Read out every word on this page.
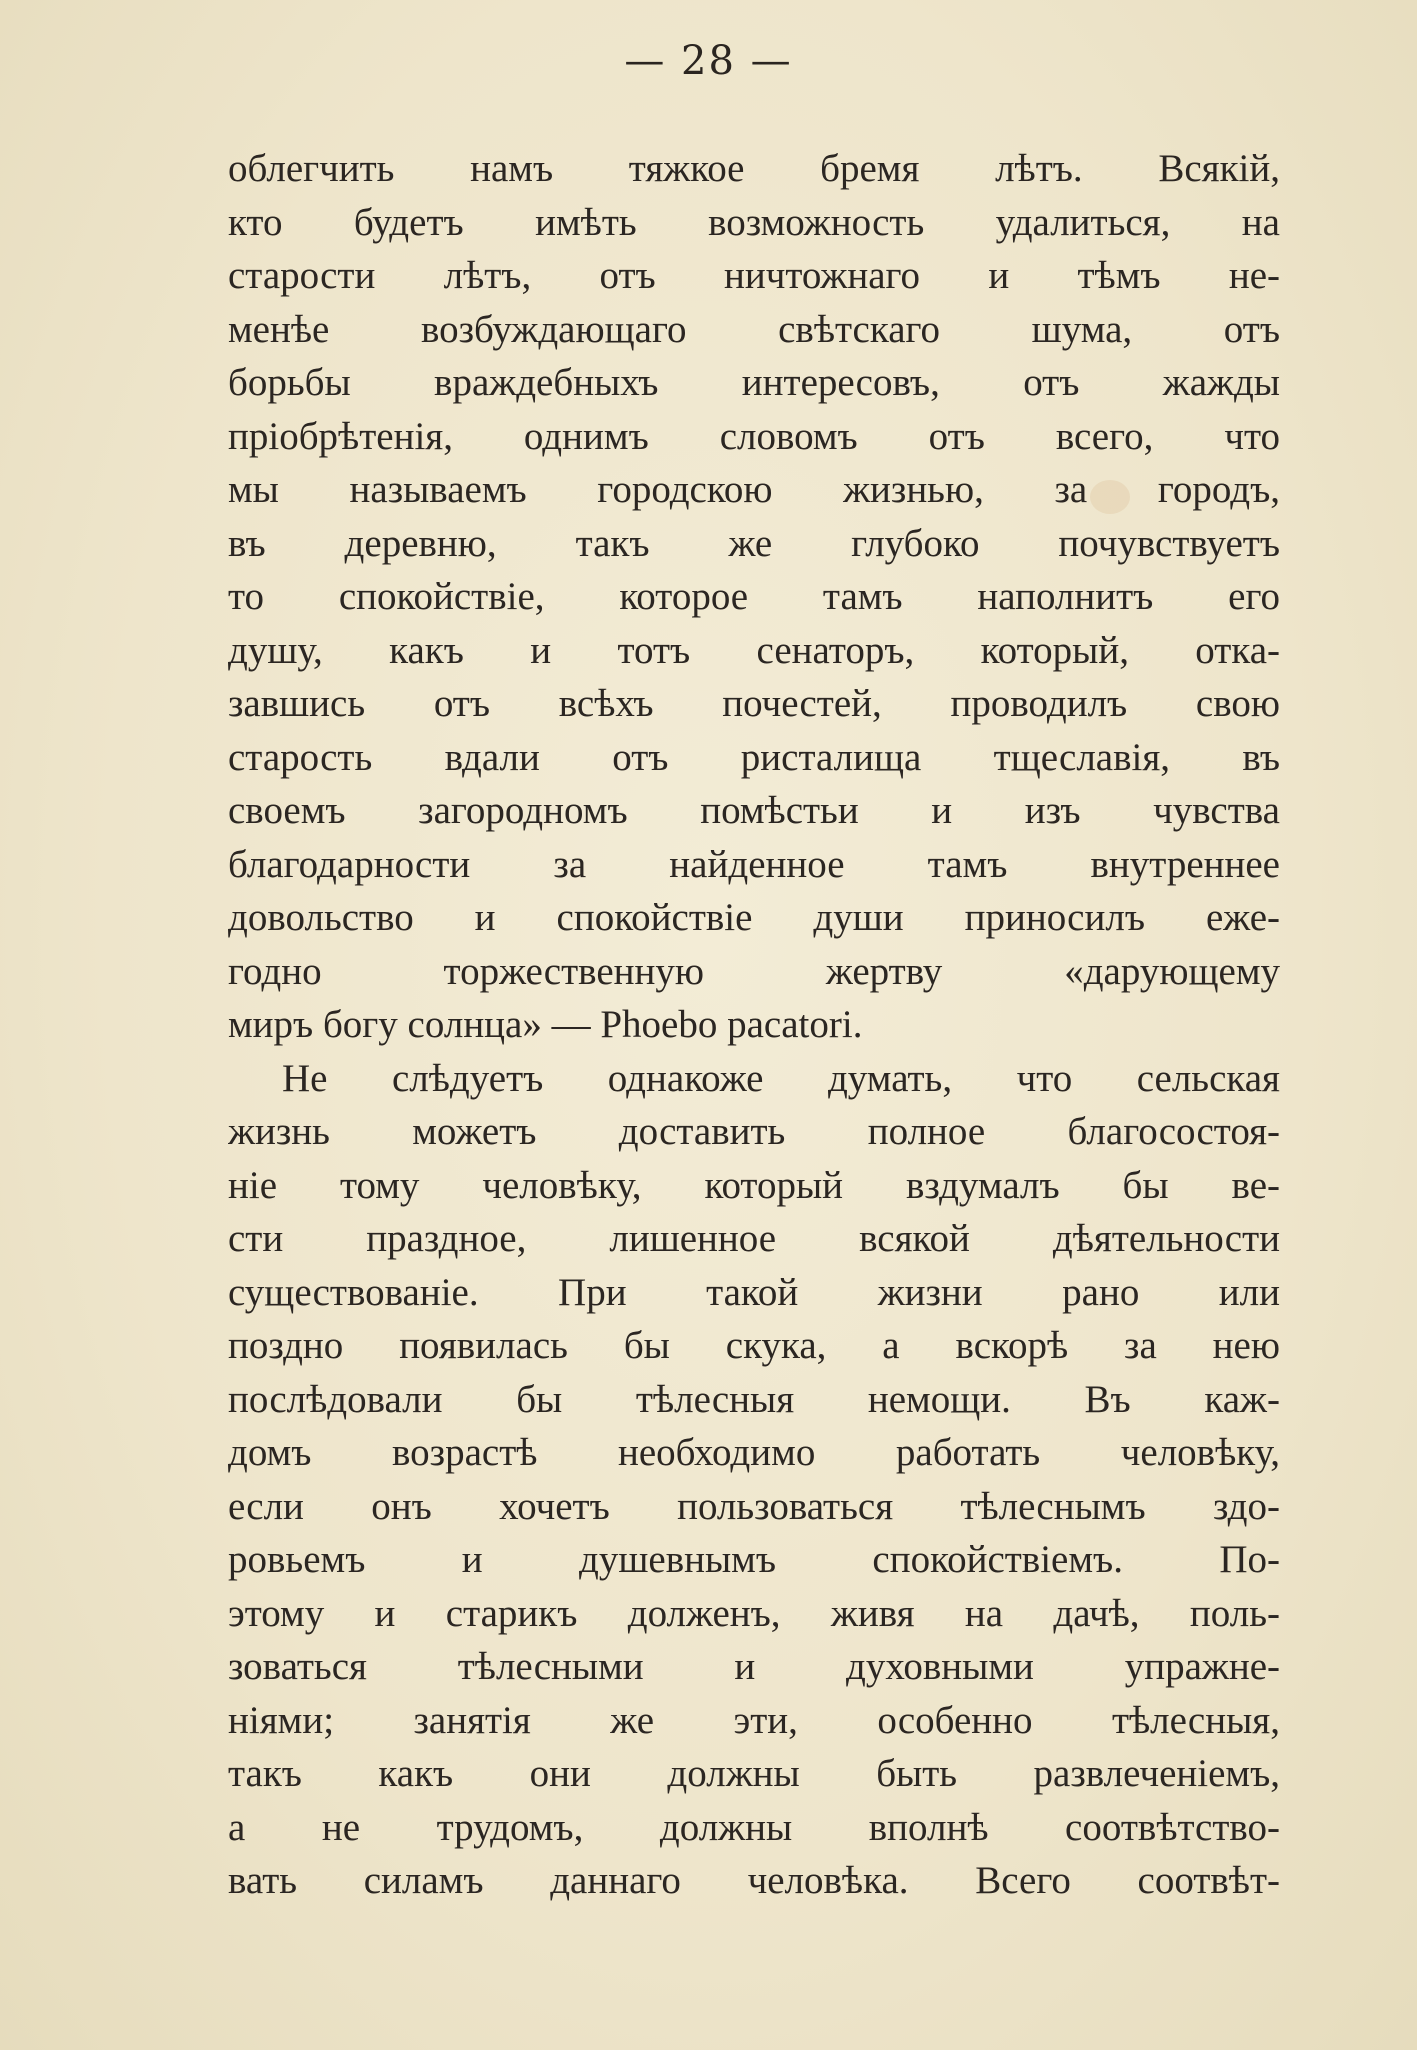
— 28 —
облегчить намъ тяжкое бремя лѣтъ. Всякій,
кто будетъ имѣть возможность удалиться, на
старости лѣтъ, отъ ничтожнаго и тѣмъ не-
менѣе возбуждающаго свѣтскаго шума, отъ
борьбы враждебныхъ интересовъ, отъ жажды
пріобрѣтенія, однимъ словомъ отъ всего, что
мы называемъ городскою жизнью, за городъ,
въ деревню, такъ же глубоко почувствуетъ
то спокойствіе, которое тамъ наполнитъ его
душу, какъ и тотъ сенаторъ, который, отка-
завшись отъ всѣхъ почестей, проводилъ свою
старость вдали отъ ристалища тщеславія, въ
своемъ загородномъ помѣстьи и изъ чувства
благодарности за найденное тамъ внутреннее
довольство и спокойствіе души приносилъ еже-
годно торжественную жертву «дарующему
миръ богу солнца» — Phoebo pacatori.
Не слѣдуетъ однакоже думать, что сельская
жизнь можетъ доставить полное благосостоя-
ніе тому человѣку, который вздумалъ бы ве-
сти праздное, лишенное всякой дѣятельности
существованіе. При такой жизни рано или
поздно появилась бы скука, а вскорѣ за нею
послѣдовали бы тѣлесныя немощи. Въ каж-
домъ возрастѣ необходимо работать человѣку,
если онъ хочетъ пользоваться тѣлеснымъ здо-
ровьемъ и душевнымъ спокойствіемъ. По-
этому и старикъ долженъ, живя на дачѣ, поль-
зоваться тѣлесными и духовными упражне-
ніями; занятія же эти, особенно тѣлесныя,
такъ какъ они должны быть развлеченіемъ,
а не трудомъ, должны вполнѣ соотвѣтство-
вать силамъ даннаго человѣка. Всего соотвѣт-
